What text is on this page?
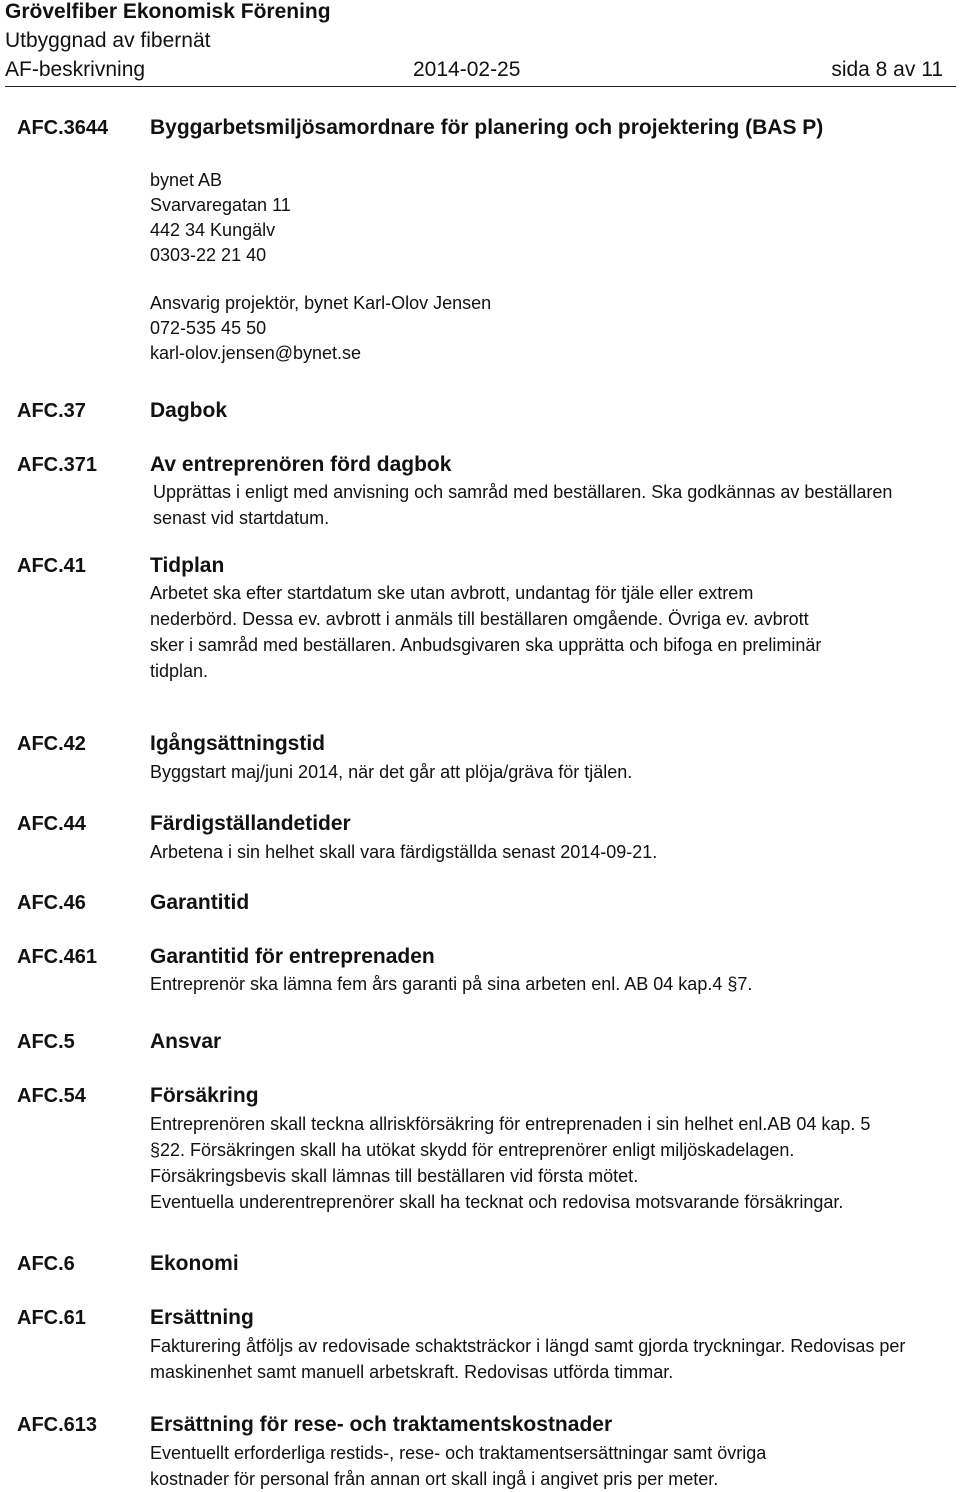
Grövelfiber Ekonomisk Förening
Utbyggnad av fibernät
AF-beskrivning	2014-02-25	sida 8 av 11
AFC.3644 Byggarbetsmiljösamordnare för planering och projektering (BAS P)
bynet AB
Svarvaregatan 11
442 34 Kungälv
0303-22 21 40
Ansvarig projektör, bynet Karl-Olov Jensen
072-535 45 50
karl-olov.jensen@bynet.se
AFC.37	Dagbok
AFC.371	Av entreprenören förd dagbok
Upprättas i enligt med anvisning och samråd med beställaren. Ska godkännas av beställaren
senast vid startdatum.
AFC.41	Tidplan
Arbetet ska efter startdatum ske utan avbrott, undantag för tjäle eller extrem
nederbörd. Dessa ev. avbrott i anmäls till beställaren omgående. Övriga ev. avbrott
sker i samråd med beställaren. Anbudsgivaren ska upprätta och bifoga en preliminär
tidplan.
AFC.42	Igångsättningstid
Byggstart maj/juni 2014, när det går att plöja/gräva för tjälen.
AFC.44	Färdigställandetider
Arbetena i sin helhet skall vara färdigställda senast 2014-09-21.
AFC.46	Garantitid
AFC.461	Garantitid för entreprenaden
Entreprenör ska lämna fem års garanti på sina arbeten enl. AB 04 kap.4 §7.
AFC.5	Ansvar
AFC.54	Försäkring
Entreprenören skall teckna allriskförsäkring för entreprenaden i sin helhet enl.AB 04 kap. 5
§22. Försäkringen skall ha utökat skydd för entreprenörer enligt miljöskadelagen.
Försäkringsbevis skall lämnas till beställaren vid första mötet.
Eventuella underentreprenörer skall ha tecknat och redovisa motsvarande försäkringar.
AFC.6	Ekonomi
AFC.61	Ersättning
Fakturering åtföljs av redovisade schaktsträckor i längd samt gjorda tryckningar. Redovisas per
maskinenhet samt manuell arbetskraft. Redovisas utförda timmar.
AFC.613	Ersättning för rese- och traktamentskostnader
Eventuellt erforderliga restids-, rese- och traktamentsersättningar samt övriga
kostnader för personal från annan ort skall ingå i angivet pris per meter.
